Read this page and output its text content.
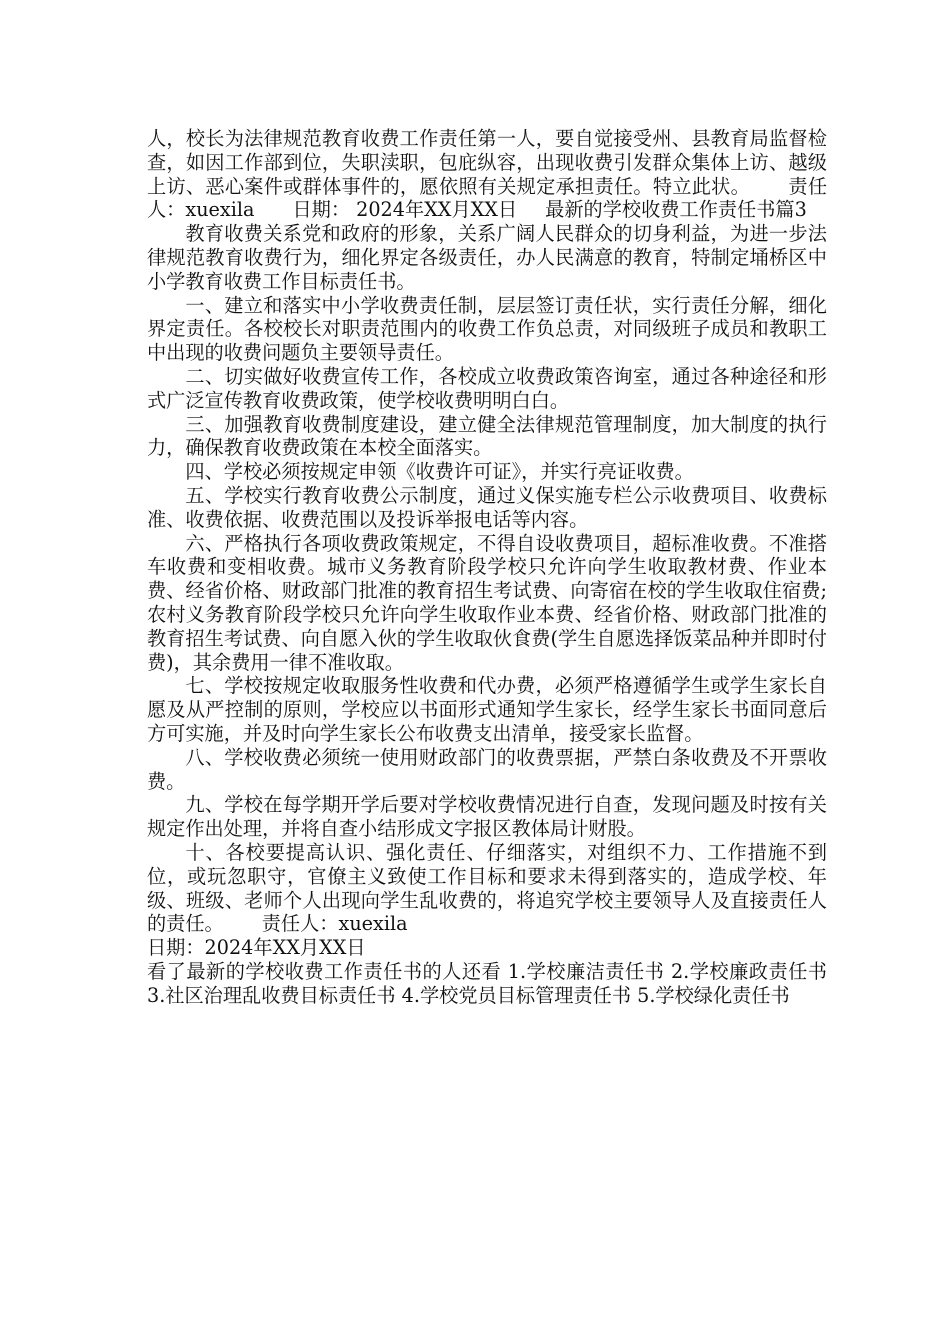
人，校长为法律规范教育收费工作责任第一人，要自觉接受州、县教育局监督检查，如因工作部到位，失职渎职，包庇纵容，出现收费引发群众集体上访、越级上访、恶心案件或群体事件的，愿依照有关规定承担责任。特立此状。 责任人：xuexila 日期： 2024年XX月XX日 最新的学校收费工作责任书篇3

教育收费关系党和政府的形象，关系广阔人民群众的切身利益，为进一步法律规范教育收费行为，细化界定各级责任，办人民满意的教育，特制定埇桥区中小学教育收费工作目标责任书。

一、建立和落实中小学收费责任制，层层签订责任状，实行责任分解，细化界定责任。各校校长对职责范围内的收费工作负总责，对同级班子成员和教职工中出现的收费问题负主要领导责任。

二、切实做好收费宣传工作，各校成立收费政策咨询室，通过各种途径和形式广泛宣传教育收费政策，使学校收费明明白白。

三、加强教育收费制度建设，建立健全法律规范管理制度，加大制度的执行力，确保教育收费政策在本校全面落实。

四、学校必须按规定申领《收费许可证》，并实行亮证收费。

五、学校实行教育收费公示制度，通过义保实施专栏公示收费项目、收费标准、收费依据、收费范围以及投诉举报电话等内容。

六、严格执行各项收费政策规定，不得自设收费项目，超标准收费。不准搭车收费和变相收费。城市义务教育阶段学校只允许向学生收取教材费、作业本费、经省价格、财政部门批准的教育招生考试费、向寄宿在校的学生收取住宿费;农村义务教育阶段学校只允许向学生收取作业本费、经省价格、财政部门批准的教育招生考试费、向自愿入伙的学生收取伙食费(学生自愿选择饭菜品种并即时付费)，其余费用一律不准收取。

七、学校按规定收取服务性收费和代办费，必须严格遵循学生或学生家长自愿及从严控制的原则，学校应以书面形式通知学生家长，经学生家长书面同意后方可实施，并及时向学生家长公布收费支出清单，接受家长监督。

八、学校收费必须统一使用财政部门的收费票据，严禁白条收费及不开票收费。

九、学校在每学期开学后要对学校收费情况进行自查，发现问题及时按有关规定作出处理，并将自查小结形成文字报区教体局计财股。

十、各校要提高认识、强化责任、仔细落实，对组织不力、工作措施不到位，或玩忽职守，官僚主义致使工作目标和要求未得到落实的，造成学校、年级、班级、老师个人出现向学生乱收费的，将追究学校主要领导人及直接责任人的责任。 责任人：xuexila

日期：2024年XX月XX日

看了最新的学校收费工作责任书的人还看 1.学校廉洁责任书 2.学校廉政责任书 3.社区治理乱收费目标责任书 4.学校党员目标管理责任书 5.学校绿化责任书
